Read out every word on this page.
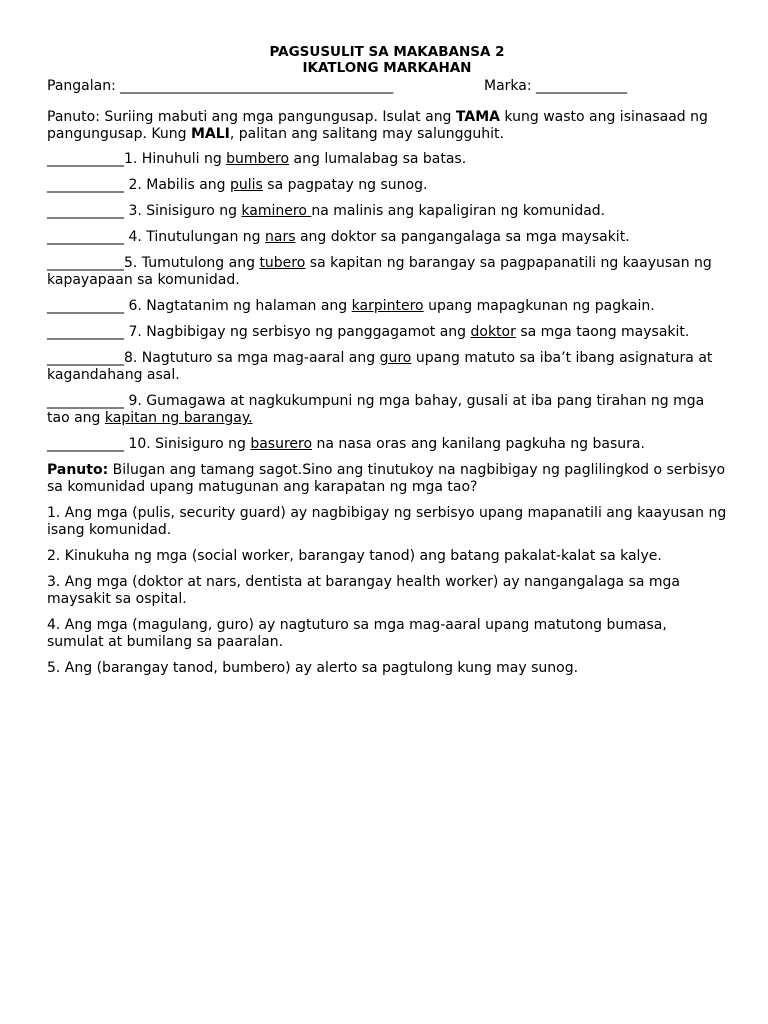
PAGSUSULIT SA MAKABANSA 2
IKATLONG MARKAHAN
Pangalan: _______________________________________	Marka: _____________

Panuto: Suriing mabuti ang mga pangungusap. Isulat ang TAMA kung wasto ang isinasaad ng pangungusap. Kung MALI, palitan ang salitang may salungguhit.

___________1. Hinuhuli ng bumbero ang lumalabag sa batas.

___________ 2. Mabilis ang pulis sa pagpatay ng sunog.

___________ 3. Sinisiguro ng kaminero na malinis ang kapaligiran ng komunidad.

___________ 4. Tinutulungan ng nars ang doktor sa pangangalaga sa mga maysakit.

___________5. Tumutulong ang tubero sa kapitan ng barangay sa pagpapanatili ng kaayusan ng kapayapaan sa komunidad.

___________ 6. Nagtatanim ng halaman ang karpintero upang mapagkunan ng pagkain.

___________ 7. Nagbibigay ng serbisyo ng panggagamot ang doktor sa mga taong maysakit.

___________8. Nagtuturo sa mga mag-aaral ang guro upang matuto sa iba’t ibang asignatura at kagandahang asal.

___________ 9. Gumagawa at nagkukumpuni ng mga bahay, gusali at iba pang tirahan ng mga tao ang kapitan ng barangay.

___________ 10. Sinisiguro ng basurero na nasa oras ang kanilang pagkuha ng basura.

Panuto: Bilugan ang tamang sagot.Sino ang tinutukoy na nagbibigay ng paglilingkod o serbisyo sa komunidad upang matugunan ang karapatan ng mga tao?

1. Ang mga (pulis, security guard) ay nagbibigay ng serbisyo upang mapanatili ang kaayusan ng isang komunidad.

2. Kinukuha ng mga (social worker, barangay tanod) ang batang pakalat-kalat sa kalye.

3. Ang mga (doktor at nars, dentista at barangay health worker) ay nangangalaga sa mga maysakit sa ospital.

4. Ang mga (magulang, guro) ay nagtuturo sa mga mag-aaral upang matutong bumasa, sumulat at bumilang sa paaralan.

5. Ang (barangay tanod, bumbero) ay alerto sa pagtulong kung may sunog.
